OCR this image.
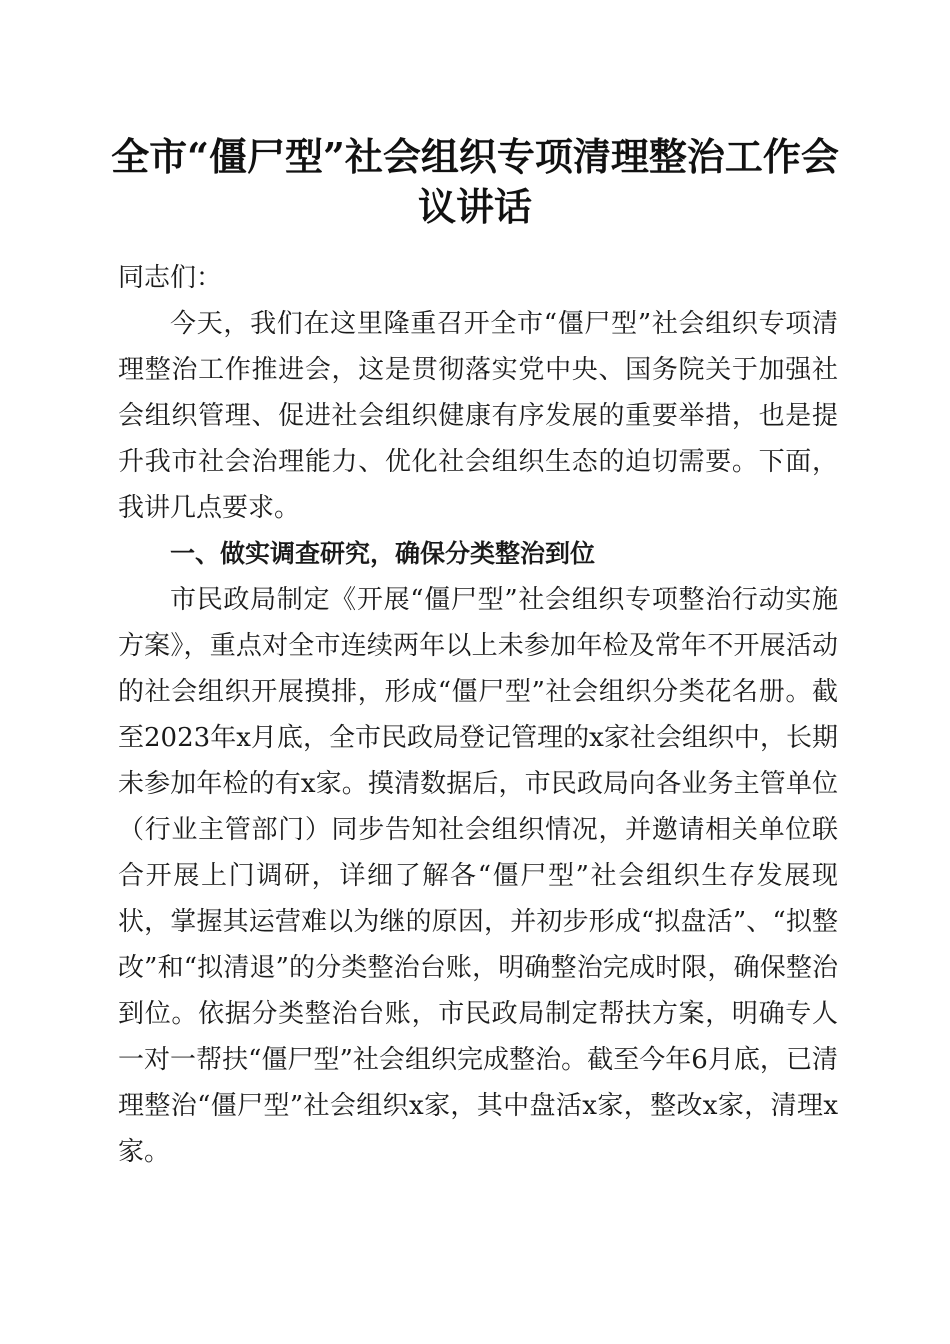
全市“僵尸型”社会组织专项清理整治工作会议讲话

同志们：

今天，我们在这里隆重召开全市“僵尸型”社会组织专项清理整治工作推进会，这是贯彻落实党中央、国务院关于加强社会组织管理、促进社会组织健康有序发展的重要举措，也是提升我市社会治理能力、优化社会组织生态的迫切需要。下面，我讲几点要求。

一、做实调查研究，确保分类整治到位

市民政局制定《开展“僵尸型”社会组织专项整治行动实施方案》，重点对全市连续两年以上未参加年检及常年不开展活动的社会组织开展摸排，形成“僵尸型”社会组织分类花名册。截至2023年x月底，全市民政局登记管理的x家社会组织中，长期未参加年检的有x家。摸清数据后，市民政局向各业务主管单位（行业主管部门）同步告知社会组织情况，并邀请相关单位联合开展上门调研，详细了解各“僵尸型”社会组织生存发展现状，掌握其运营难以为继的原因，并初步形成“拟盘活”、“拟整改”和“拟清退”的分类整治台账，明确整治完成时限，确保整治到位。依据分类整治台账，市民政局制定帮扶方案，明确专人一对一帮扶“僵尸型”社会组织完成整治。截至今年6月底，已清理整治“僵尸型”社会组织x家，其中盘活x家，整改x家，清理x家。
